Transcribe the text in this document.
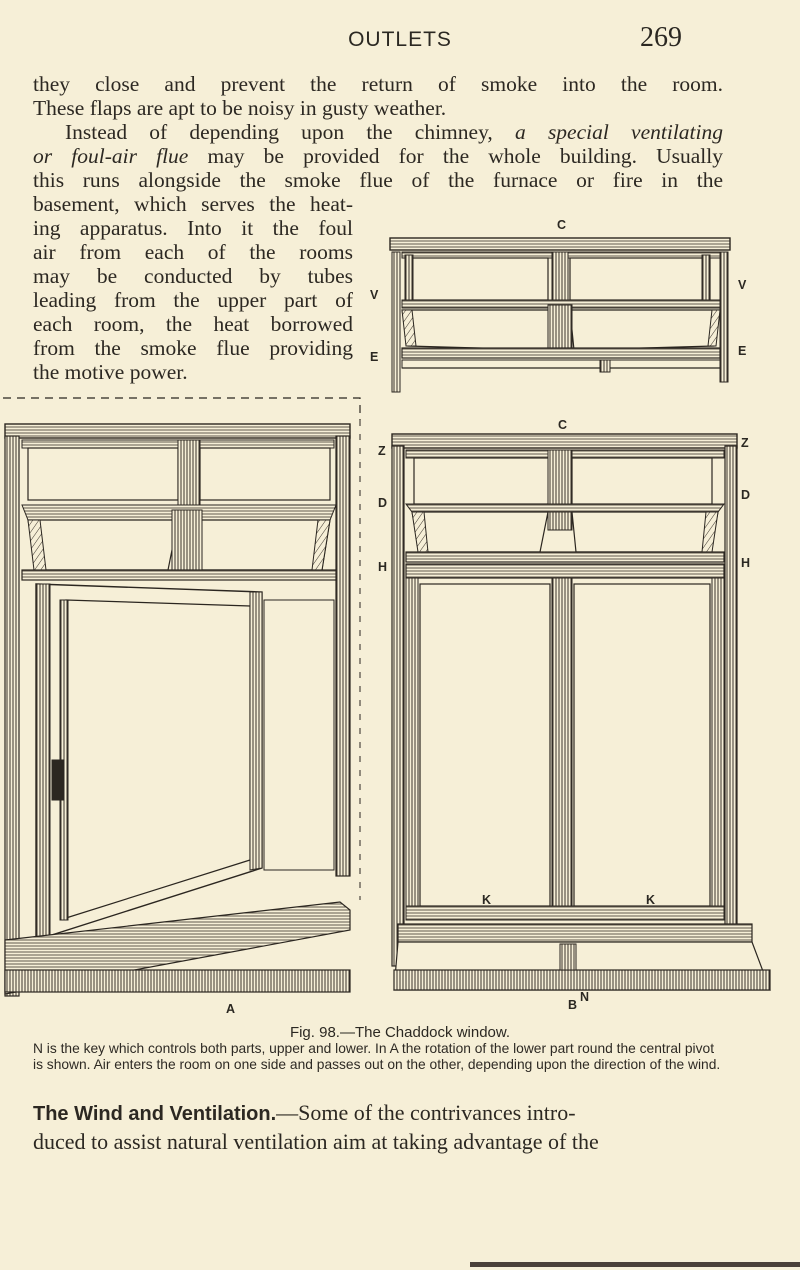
OUTLETS	269
they close and prevent the return of smoke into the room.
These flaps are apt to be noisy in gusty weather.
Instead of depending upon the chimney, a special ventilating
or foul-air flue may be provided for the whole building. Usually
this runs alongside the smoke flue of the furnace or fire in the
basement, which serves the heat-
ing apparatus. Into it the foul
air from each of the rooms
may be conducted by tubes
leading from the upper part of
each room, the heat borrowed
from the smoke flue providing
the motive power.
C
V
V
E	E
C
Z
Z
D
D
H	H
K	K
N
A	B
Fig. 98.—The Chaddock window.
N is the key which controls both parts, upper and lower. In A the rotation of the lower part round the central pivot is shown. Air enters the room on one side and passes out on the other, depending upon the direction of the wind.
The Wind and Ventilation.—Some of the contrivances intro-
duced to assist natural ventilation aim at taking advantage of the
